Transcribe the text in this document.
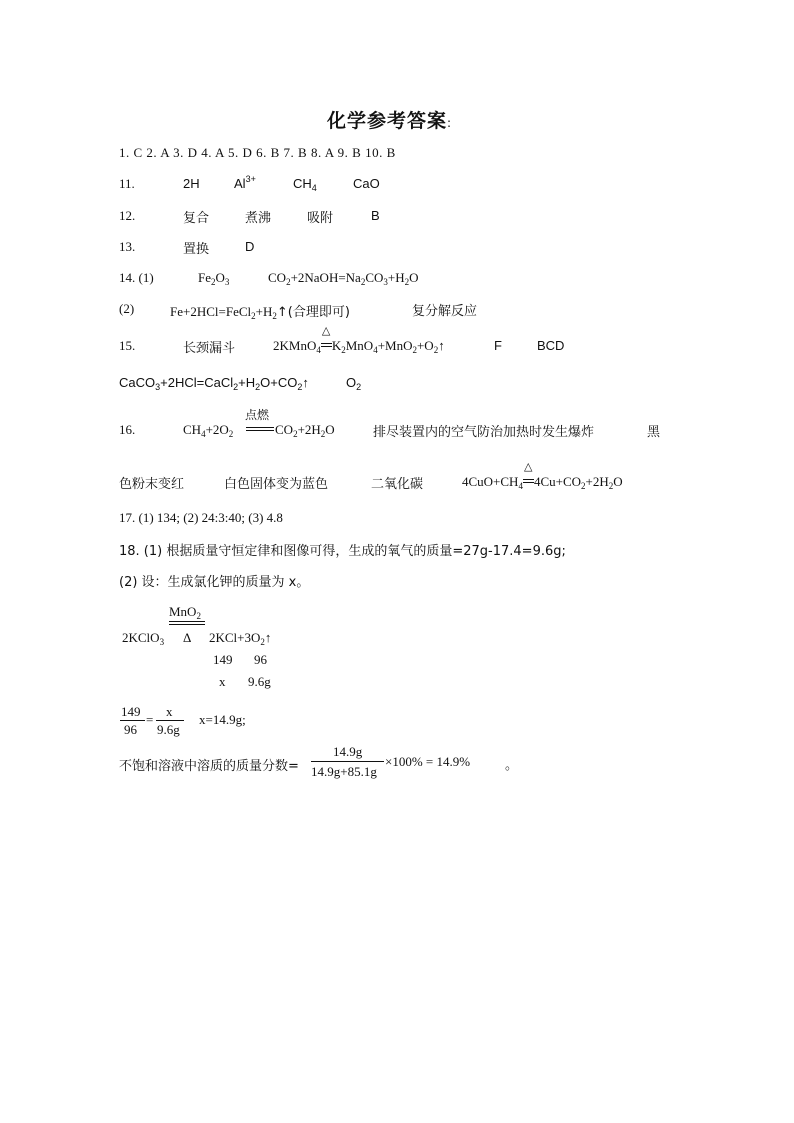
化学参考答案:
1. C 2. A 3. D 4. A 5. D 6. B 7. B 8. A 9. B 10. B
11.	2H	$Al^{3+}$	$CH_4$	CaO
12.	复合	煮沸	吸附	B
13.	置换	D
14. (1)	$Fe_2O_3$	$CO_2+2NaOH=Na_2CO_3+H_2O$
(2)	$Fe+2HCl=FeCl_2+H_2↑$(合理即可)	复分解反应
15.	长颈漏斗	2KMnO$_4$
△
$K_2MnO_4+MnO_2+O_2↑$	F	BCD
$CaCO_3+2HCl=CaCl_2+H_2O+CO_2↑$	$O_2$
16.	$CH_4+2O_2$
点燃
$CO_2+2H_2O$	排尽装置内的空气防治加热时发生爆炸	黑
色粉末变红	白色固体变为蓝色	二氧化碳	$4CuO+CH_4$
△
$4Cu+CO_2+2H_2O$
17. (1) 134; (2) 24:3:40; (3) 4.8
18. (1) 根据质量守恒定律和图像可得，生成的氧气的质量=27g-17.4=9.6g;
(2) 设：生成氯化钾的质量为 x。
MnO$_2$
2KClO$_3$ Δ $2KCl+3O_2↑$
149 96
x 9.6g
149
96
=
x
9.6g
x=14.9g;
不饱和溶液中溶质的质量分数=
14.9g
14.9g+85.1g
×100% = 14.9%	。
